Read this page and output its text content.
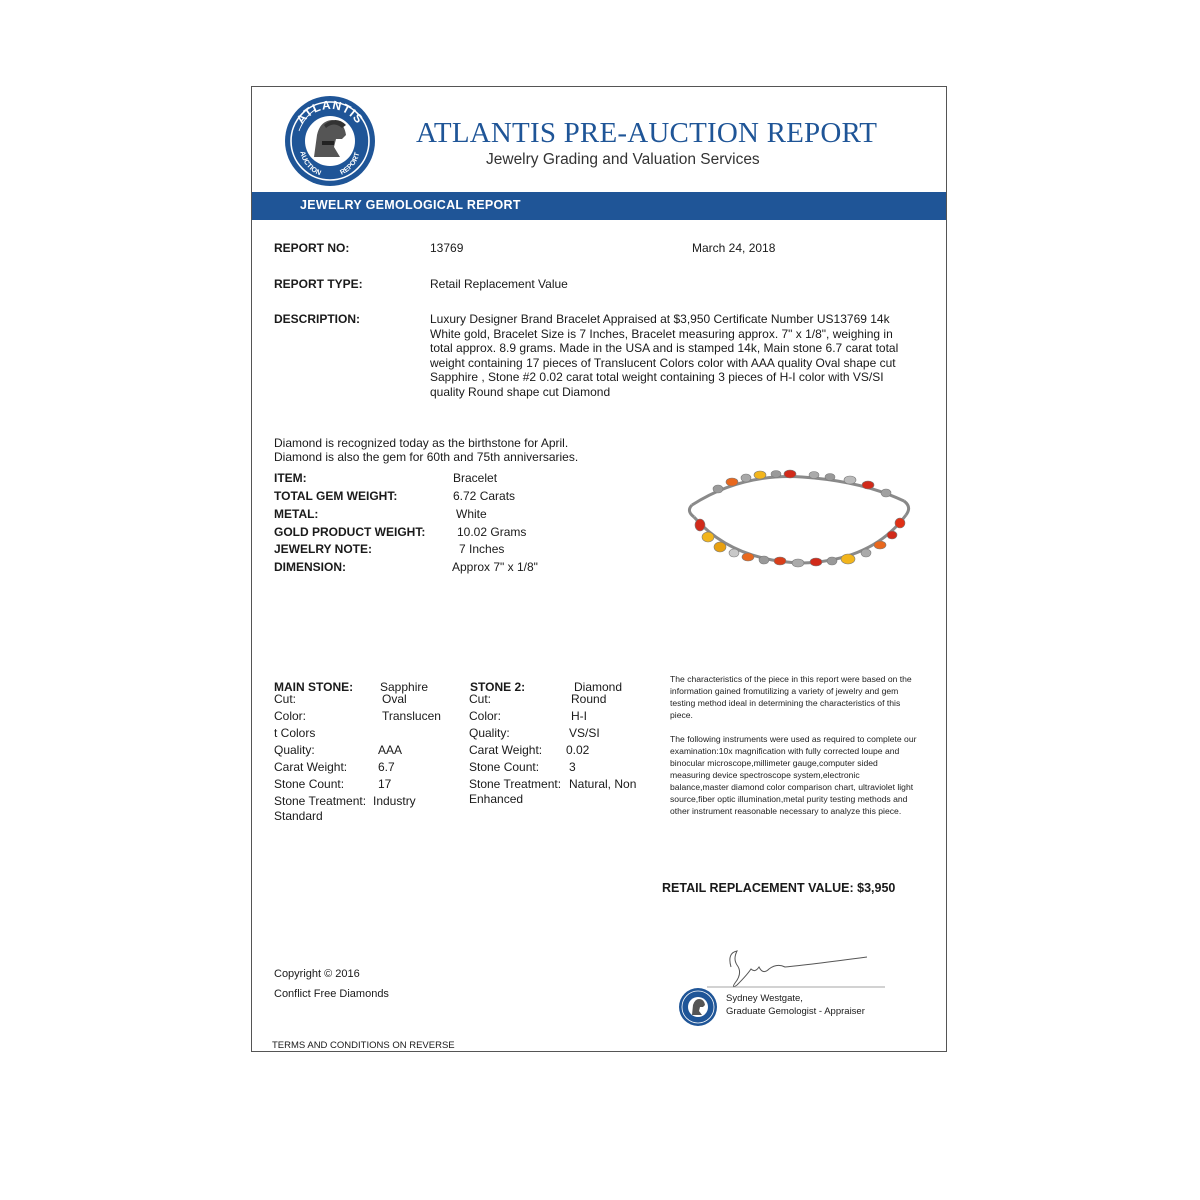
ATLANTIS
AUCTION REPORT
ATLANTIS PRE-AUCTION REPORT
Jewelry Grading and Valuation Services
JEWELRY GEMOLOGICAL REPORT
REPORT NO:	13769	March 24, 2018
REPORT TYPE:	Retail Replacement Value
DESCRIPTION:	Luxury Designer Brand Bracelet Appraised at $3,950 Certificate Number US13769 14k White gold, Bracelet Size is 7 Inches, Bracelet measuring approx. 7" x 1/8", weighing in total approx. 8.9 grams. Made in the USA and is stamped 14k, Main stone 6.7 carat total weight containing 17 pieces of Translucent Colors color with AAA quality Oval shape cut Sapphire , Stone #2 0.02 carat total weight containing 3 pieces of H-I color with VS/SI quality Round shape cut Diamond
Diamond is recognized today as the birthstone for April.
Diamond is also the gem for 60th and 75th anniversaries.
ITEM:	Bracelet
TOTAL GEM WEIGHT:	6.72 Carats
METAL:	White
GOLD PRODUCT WEIGHT:	10.02 Grams
JEWELRY NOTE:	7 Inches
DIMENSION:	Approx 7" x 1/8"
MAIN STONE: Sapphire
Cut:	Oval
Color:	Translucen
t Colors
Quality:	AAA
Carat Weight:	6.7
Stone Count:	17
Stone Treatment: Industry
Standard
STONE 2:	Diamond
Cut:	Round
Color:	H-I
Quality:	VS/SI
Carat Weight: 0.02
Stone Count: 3
Stone Treatment: Natural, Non
Enhanced
The characteristics of the piece in this report were based on the information gained fromutilizing a variety of jewelry and gem testing method ideal in determining the characteristics of this piece.
The following instruments were used as required to complete our examination:10x magnification with fully corrected loupe and binocular microscope,millimeter gauge,computer sided measuring device spectroscope system,electronic balance,master diamond color comparison chart, ultraviolet light source,fiber optic illumination,metal purity testing methods and other instrument reasonable necessary to analyze this piece.
RETAIL REPLACEMENT VALUE: $3,950
Copyright © 2016
Conflict Free Diamonds
TERMS AND CONDITIONS ON REVERSE
Sydney Westgate,
Graduate Gemologist - Appraiser
